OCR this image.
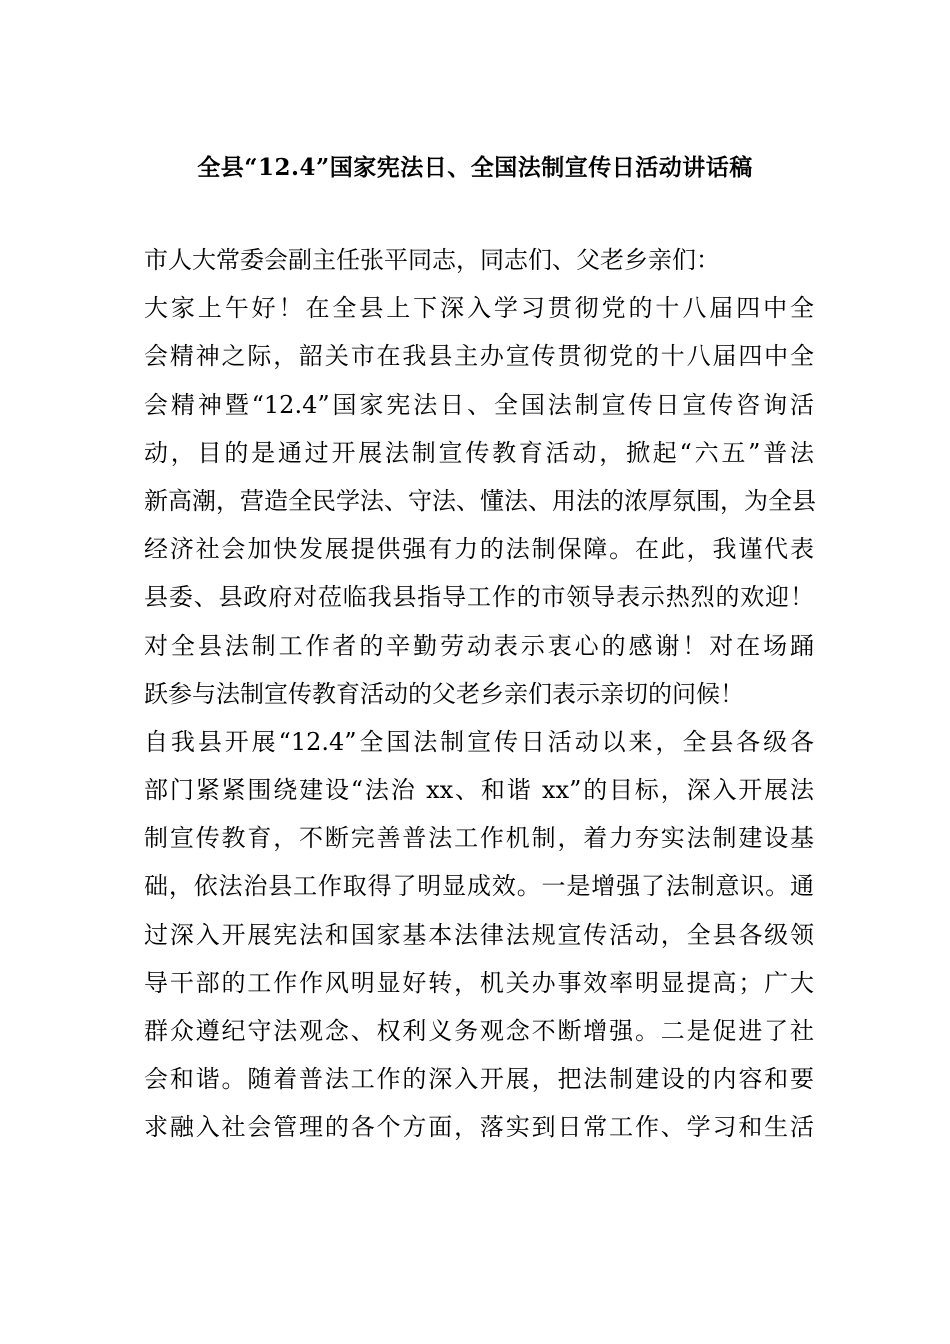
全县“12.4”国家宪法日、全国法制宣传日活动讲话稿
市人大常委会副主任张平同志，同志们、父老乡亲们：
大家上午好！在全县上下深入学习贯彻党的十八届四中全
会精神之际，韶关市在我县主办宣传贯彻党的十八届四中全
会精神暨“12.4”国家宪法日、全国法制宣传日宣传咨询活
动，目的是通过开展法制宣传教育活动，掀起“六五”普法
新高潮，营造全民学法、守法、懂法、用法的浓厚氛围，为全县
经济社会加快发展提供强有力的法制保障。在此，我谨代表
县委、县政府对莅临我县指导工作的市领导表示热烈的欢迎！
对全县法制工作者的辛勤劳动表示衷心的感谢！对在场踊
跃参与法制宣传教育活动的父老乡亲们表示亲切的问候！
自我县开展“12.4”全国法制宣传日活动以来，全县各级各
部门紧紧围绕建设“法治 xx、和谐 xx”的目标，深入开展法
制宣传教育，不断完善普法工作机制，着力夯实法制建设基
础，依法治县工作取得了明显成效。一是增强了法制意识。通
过深入开展宪法和国家基本法律法规宣传活动，全县各级领
导干部的工作作风明显好转，机关办事效率明显提高；广大
群众遵纪守法观念、权利义务观念不断增强。二是促进了社
会和谐。随着普法工作的深入开展，把法制建设的内容和要
求融入社会管理的各个方面，落实到日常工作、学习和生活
